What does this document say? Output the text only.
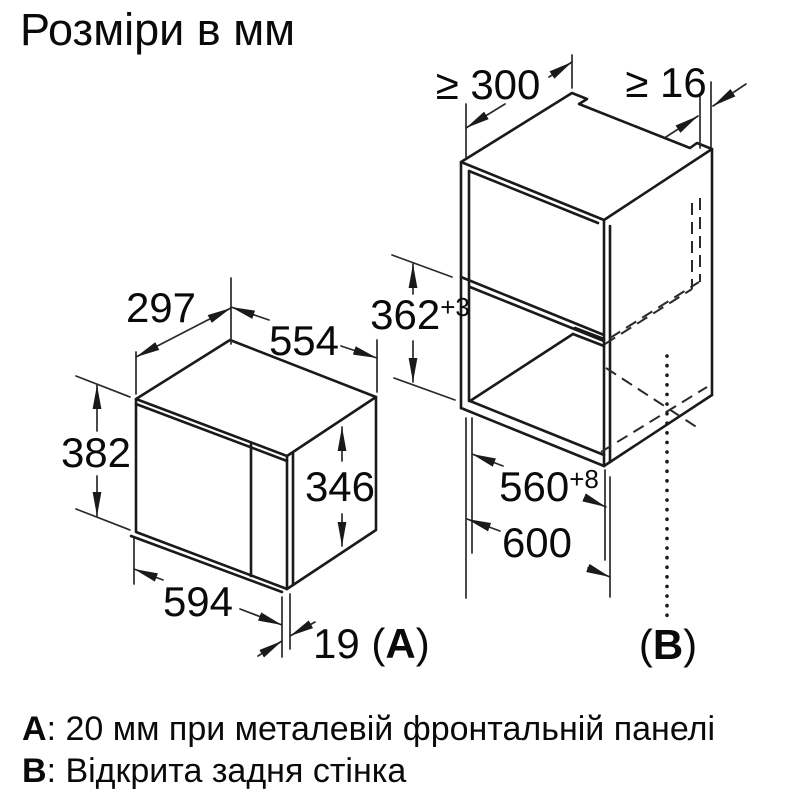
Розміри в мм
297
554
382
346
594
19 (A)
≥ 300 ≥ 16
$362^{+3}$
$560^{+8}$
600
(B)
A: 20 мм при металевій фронтальній панелі
B: Відкрита задня стінка
